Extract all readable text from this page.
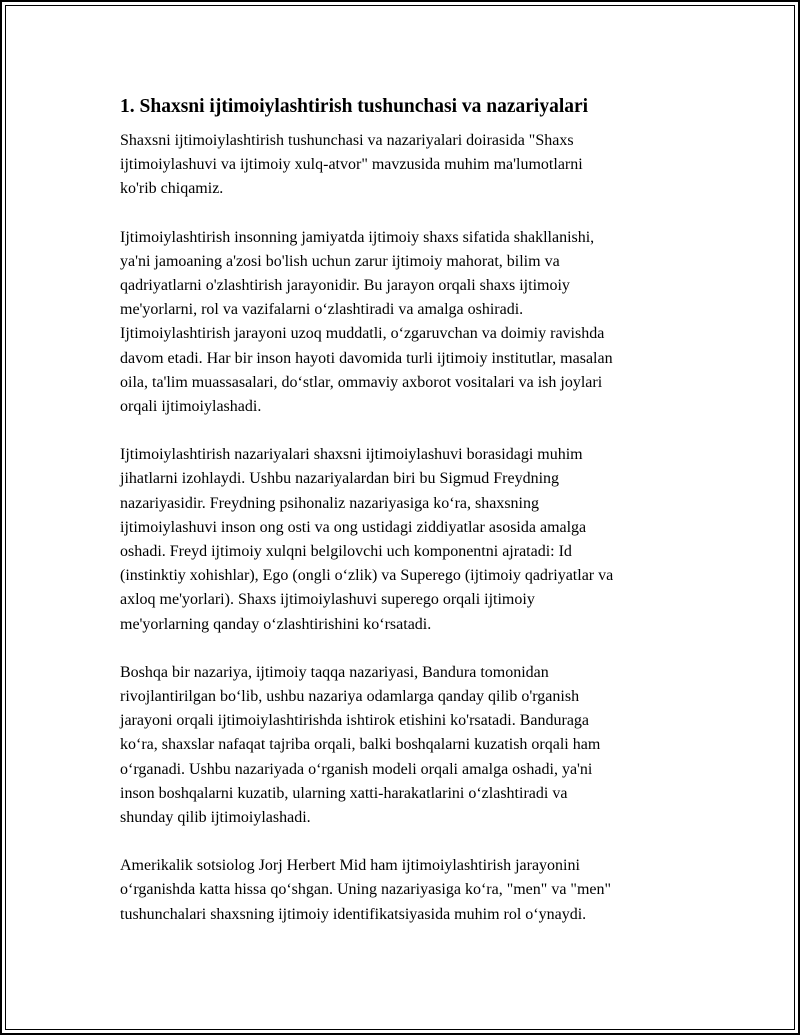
1. Shaxsni ijtimoiylashtirish tushunchasi va nazariyalari

Shaxsni ijtimoiylashtirish tushunchasi va nazariyalari doirasida "Shaxs
ijtimoiylashuvi va ijtimoiy xulq-atvor" mavzusida muhim ma'lumotlarni
ko'rib chiqamiz.

Ijtimoiylashtirish insonning jamiyatda ijtimoiy shaxs sifatida shakllanishi,
ya'ni jamoaning a'zosi bo'lish uchun zarur ijtimoiy mahorat, bilim va
qadriyatlarni o'zlashtirish jarayonidir. Bu jarayon orqali shaxs ijtimoiy
me'yorlarni, rol va vazifalarni o‘zlashtiradi va amalga oshiradi.
Ijtimoiylashtirish jarayoni uzoq muddatli, o‘zgaruvchan va doimiy ravishda
davom etadi. Har bir inson hayoti davomida turli ijtimoiy institutlar, masalan
oila, ta'lim muassasalari, do‘stlar, ommaviy axborot vositalari va ish joylari
orqali ijtimoiylashadi.

Ijtimoiylashtirish nazariyalari shaxsni ijtimoiylashuvi borasidagi muhim
jihatlarni izohlaydi. Ushbu nazariyalardan biri bu Sigmud Freydning
nazariyasidir. Freydning psihonaliz nazariyasiga ko‘ra, shaxsning
ijtimoiylashuvi inson ong osti va ong ustidagi ziddiyatlar asosida amalga
oshadi. Freyd ijtimoiy xulqni belgilovchi uch komponentni ajratadi: Id
(instinktiy xohishlar), Ego (ongli o‘zlik) va Superego (ijtimoiy qadriyatlar va
axloq me'yorlari). Shaxs ijtimoiylashuvi superego orqali ijtimoiy
me'yorlarning qanday o‘zlashtirishini ko‘rsatadi.

Boshqa bir nazariya, ijtimoiy taqqa nazariyasi, Bandura tomonidan
rivojlantirilgan bo‘lib, ushbu nazariya odamlarga qanday qilib o'rganish
jarayoni orqali ijtimoiylashtirishda ishtirok etishini ko'rsatadi. Banduraga
ko‘ra, shaxslar nafaqat tajriba orqali, balki boshqalarni kuzatish orqali ham
o‘rganadi. Ushbu nazariyada o‘rganish modeli orqali amalga oshadi, ya'ni
inson boshqalarni kuzatib, ularning xatti-harakatlarini o‘zlashtiradi va
shunday qilib ijtimoiylashadi.

Amerikalik sotsiolog Jorj Herbert Mid ham ijtimoiylashtirish jarayonini
o‘rganishda katta hissa qo‘shgan. Uning nazariyasiga ko‘ra, "men" va "men"
tushunchalari shaxsning ijtimoiy identifikatsiyasida muhim rol o‘ynaydi.
